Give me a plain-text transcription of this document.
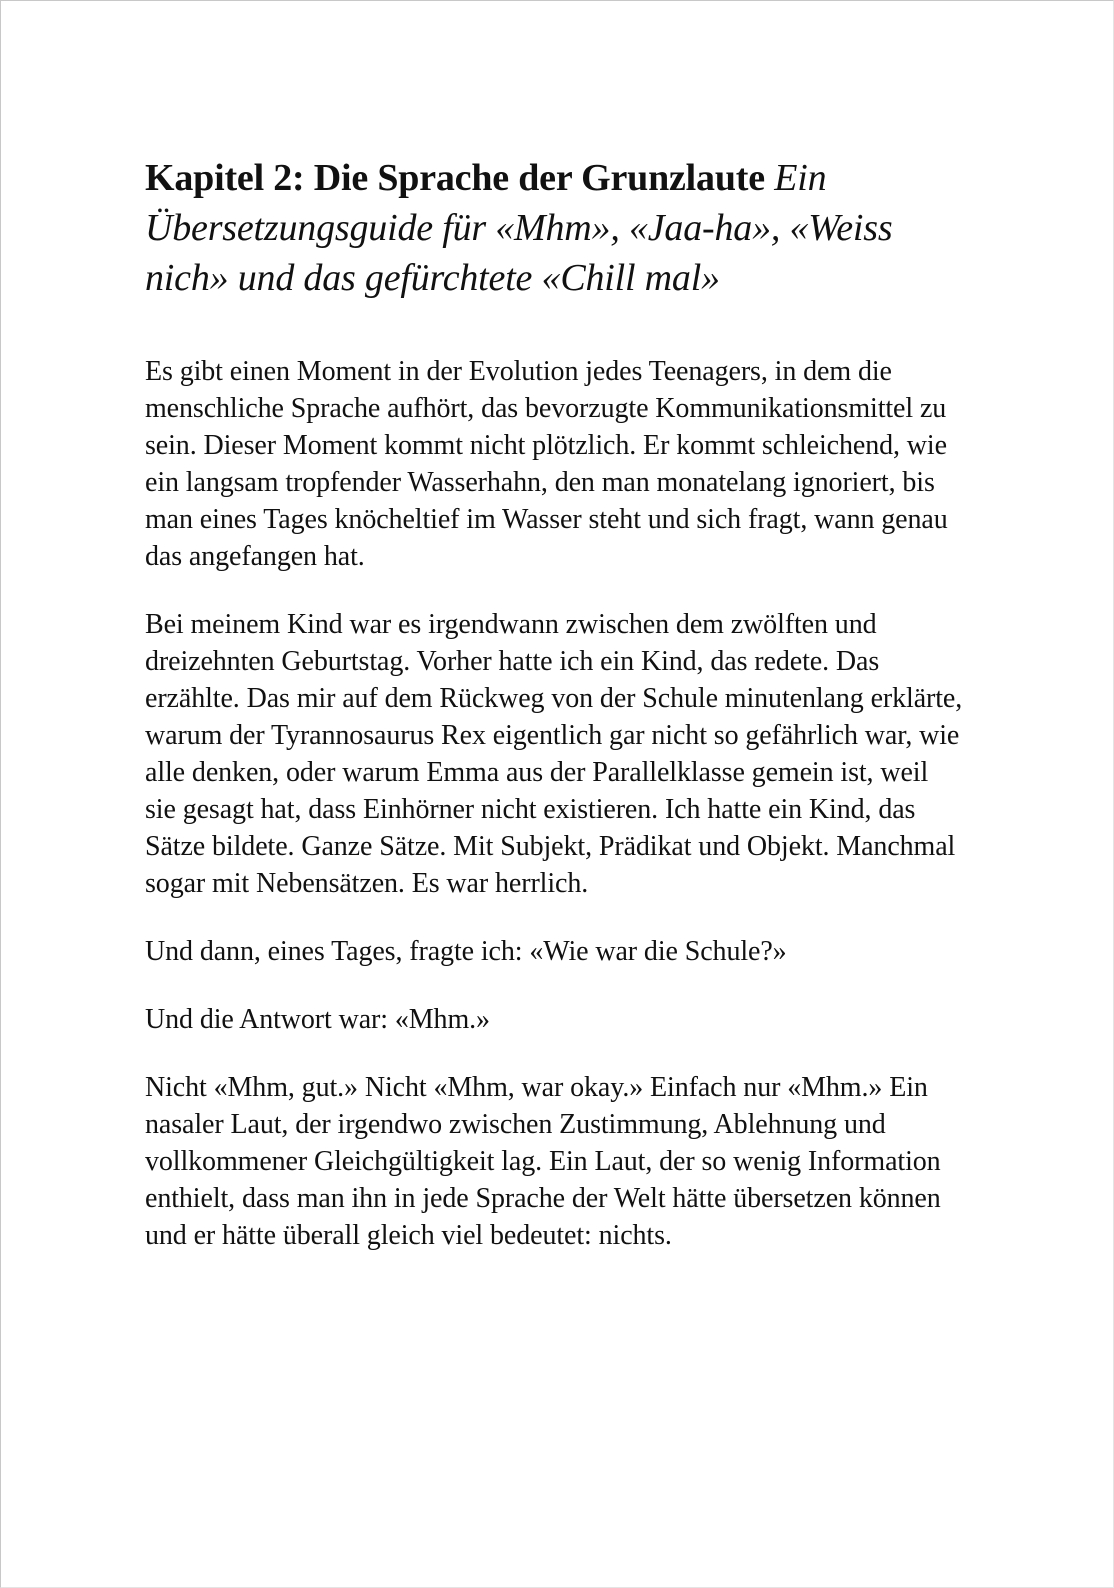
Kapitel 2: Die Sprache der Grunzlaute Ein Übersetzungsguide für «Mhm», «Jaa-ha», «Weiss nich» und das gefürchtete «Chill mal»

Es gibt einen Moment in der Evolution jedes Teenagers, in dem die menschliche Sprache aufhört, das bevorzugte Kommunikationsmittel zu sein. Dieser Moment kommt nicht plötzlich. Er kommt schleichend, wie ein langsam tropfender Wasserhahn, den man monatelang ignoriert, bis man eines Tages knöcheltief im Wasser steht und sich fragt, wann genau das angefangen hat.

Bei meinem Kind war es irgendwann zwischen dem zwölften und dreizehnten Geburtstag. Vorher hatte ich ein Kind, das redete. Das erzählte. Das mir auf dem Rückweg von der Schule minutenlang erklärte, warum der Tyrannosaurus Rex eigentlich gar nicht so gefährlich war, wie alle denken, oder warum Emma aus der Parallelklasse gemein ist, weil sie gesagt hat, dass Einhörner nicht existieren. Ich hatte ein Kind, das Sätze bildete. Ganze Sätze. Mit Subjekt, Prädikat und Objekt. Manchmal sogar mit Nebensätzen. Es war herrlich.

Und dann, eines Tages, fragte ich: «Wie war die Schule?»

Und die Antwort war: «Mhm.»

Nicht «Mhm, gut.» Nicht «Mhm, war okay.» Einfach nur «Mhm.» Ein nasaler Laut, der irgendwo zwischen Zustimmung, Ablehnung und vollkommener Gleichgültigkeit lag. Ein Laut, der so wenig Information enthielt, dass man ihn in jede Sprache der Welt hätte übersetzen können und er hätte überall gleich viel bedeutet: nichts.
